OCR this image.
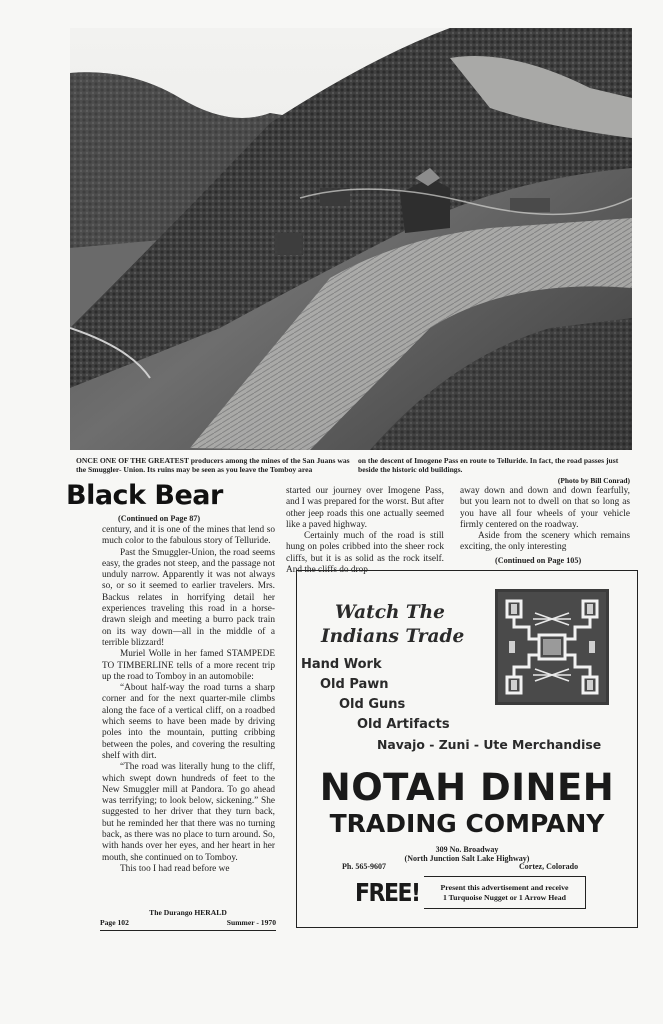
ONCE ONE OF THE GREATEST producers among the mines of the San Juans was the Smuggler- Union. Its ruins may be seen as you leave the Tomboy area
on the descent of Imogene Pass en route to Telluride. In fact, the road passes just beside the historic old buildings.
(Photo by Bill Conrad)
Black Bear
(Continued on Page 87)

century, and it is one of the mines that lend so much color to the fabulous story of Telluride.

Past the Smuggler-Union, the road seems easy, the grades not steep, and the passage not unduly narrow. Apparently it was not always so, or so it seemed to earlier travelers. Mrs. Backus relates in horrifying detail her experiences traveling this road in a horse-drawn sleigh and meeting a burro pack train on its way down—all in the middle of a terrible blizzard!

Muriel Wolle in her famed STAMPEDE TO TIMBERLINE tells of a more recent trip up the road to Tomboy in an automobile:

“About half-way the road turns a sharp corner and for the next quarter-mile climbs along the face of a vertical cliff, on a roadbed which seems to have been made by driving poles into the mountain, putting cribbing between the poles, and covering the resulting shelf with dirt.

“The road was literally hung to the cliff, which swept down hundreds of feet to the New Smuggler mill at Pandora. To go ahead was terrifying; to look below, sickening.” She suggested to her driver that they turn back, but he reminded her that there was no turning back, as there was no place to turn around. So, with hands over her eyes, and her heart in her mouth, she continued on to Tomboy.

This too I had read before we

started our journey over Imogene Pass, and I was prepared for the worst. But after other jeep roads this one actually seemed like a paved highway.

Certainly much of the road is still hung on poles cribbed into the sheer rock cliffs, but it is as solid as the rock itself. And the cliffs do drop

away down and down and down fearfully, but you learn not to dwell on that so long as you have all four wheels of your vehicle firmly centered on the roadway.

Aside from the scenery which remains exciting, the only interesting

(Continued on Page 105)
The Durango HERALD
Page 102	Summer - 1970
Watch The
Indians Trade
Hand Work
Old Pawn
Old Guns
Old Artifacts
Navajo - Zuni - Ute Merchandise
NOTAH DINEH
TRADING COMPANY
309 No. Broadway
(North Junction Salt Lake Highway)
Ph. 565-9607	Cortez, Colorado
FREE!	Present this advertisement and receive
1 Turquoise Nugget or 1 Arrow Head
